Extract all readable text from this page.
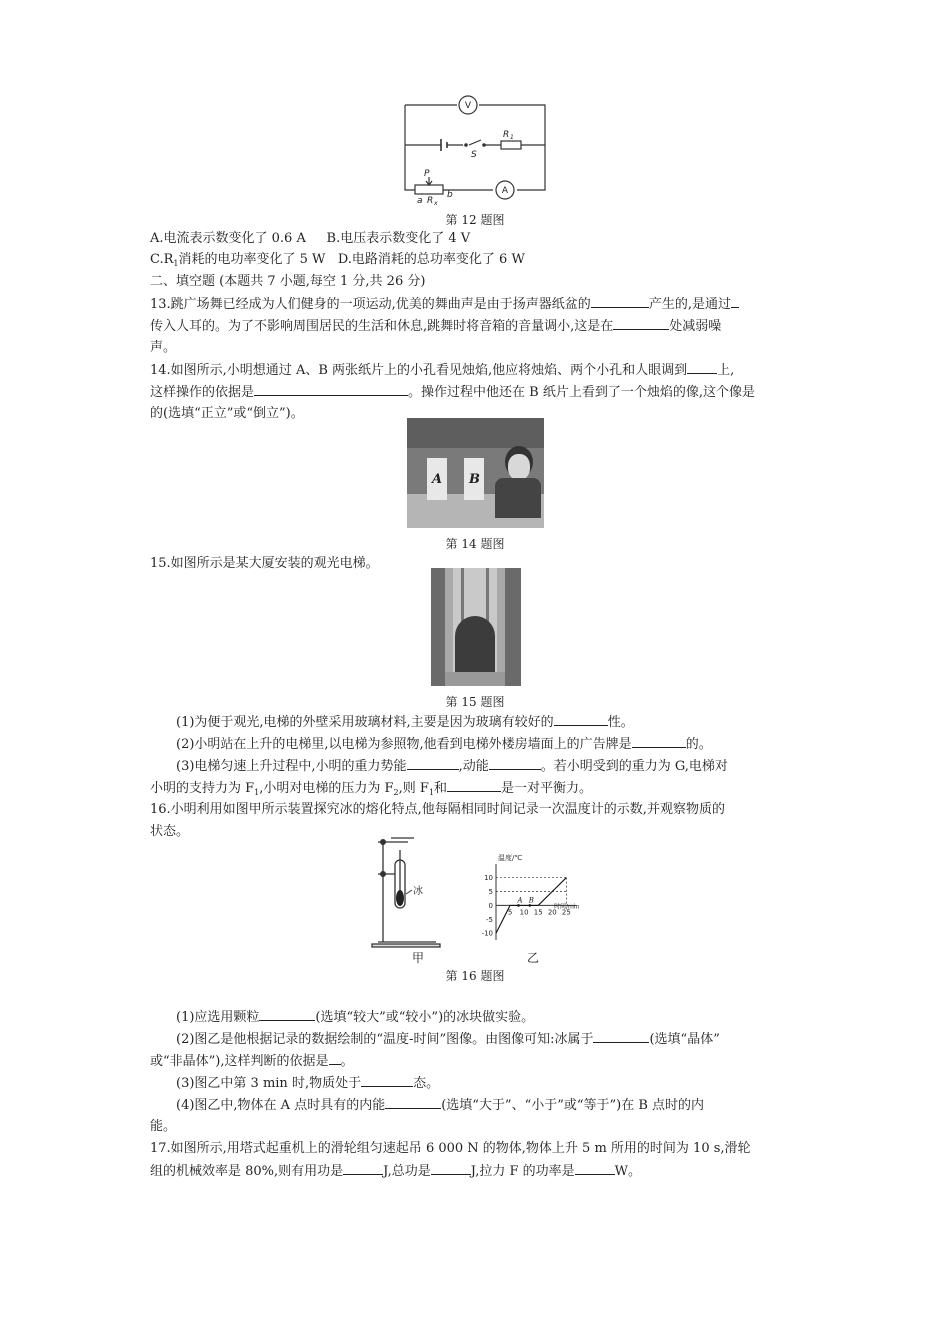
V
A
S
R 1
P
a
b
R x
第 12 题图
A.电流表示数变化了 0.6 A B.电压表示数变化了 4 V
$C.R_1$消耗的电功率变化了 5 W D.电路消耗的总功率变化了 6 W
二、填空题 (本题共 7 小题,每空 1 分,共 26 分)
13.跳广场舞已经成为人们健身的一项运动,优美的舞曲声是由于扬声器纸盆的	产生的,是通过
传入人耳的。为了不影响周围居民的生活和休息,跳舞时将音箱的音量调小,这是在	处减弱噪
声。
14.如图所示,小明想通过 A、B 两张纸片上的小孔看见烛焰,他应将烛焰、两个小孔和人眼调到 上,
这样操作的依据是	。操作过程中他还在 B 纸片上看到了一个烛焰的像,这个像是
的(选填“正立”或“倒立”)。
A B
第 14 题图
15.如图所示是某大厦安装的观光电梯。
第 15 题图
(1)为便于观光,电梯的外壁采用玻璃材料,主要是因为玻璃有较好的	性。
(2)小明站在上升的电梯里,以电梯为参照物,他看到电梯外楼房墙面上的广告牌是	的。
(3)电梯匀速上升过程中,小明的重力势能	,动能	。若小明受到的重力为 G,电梯对
小明的支持力为 $F_1$,小明对电梯的压力为 $F_2$,则 $F_1$和	是一对平衡力。
16.小明利用如图甲所示装置探究冰的熔化特点,他每隔相同时间记录一次温度计的示数,并观察物质的
状态。
冰
温度/℃
时间/min
5 10 15 20 25
10
5
0
-5
-10
A B
甲	乙
第 16 题图
(1)应选用颗粒	(选填“较大”或“较小”)的冰块做实验。
(2)图乙是他根据记录的数据绘制的“温度-时间”图像。由图像可知:冰属于	(选填“晶体”
或“非晶体”),这样判断的依据是 。
(3)图乙中第 3 min 时,物质处于	态。
(4)图乙中,物体在 A 点时具有的内能	(选填“大于”、“小于”或“等于”)在 B 点时的内
能。
17.如图所示,用塔式起重机上的滑轮组匀速起吊 6 000 N 的物体,物体上升 5 m 所用的时间为 10 s,滑轮
组的机械效率是 80%,则有用功是	J,总功是	J,拉力 F 的功率是	W。
